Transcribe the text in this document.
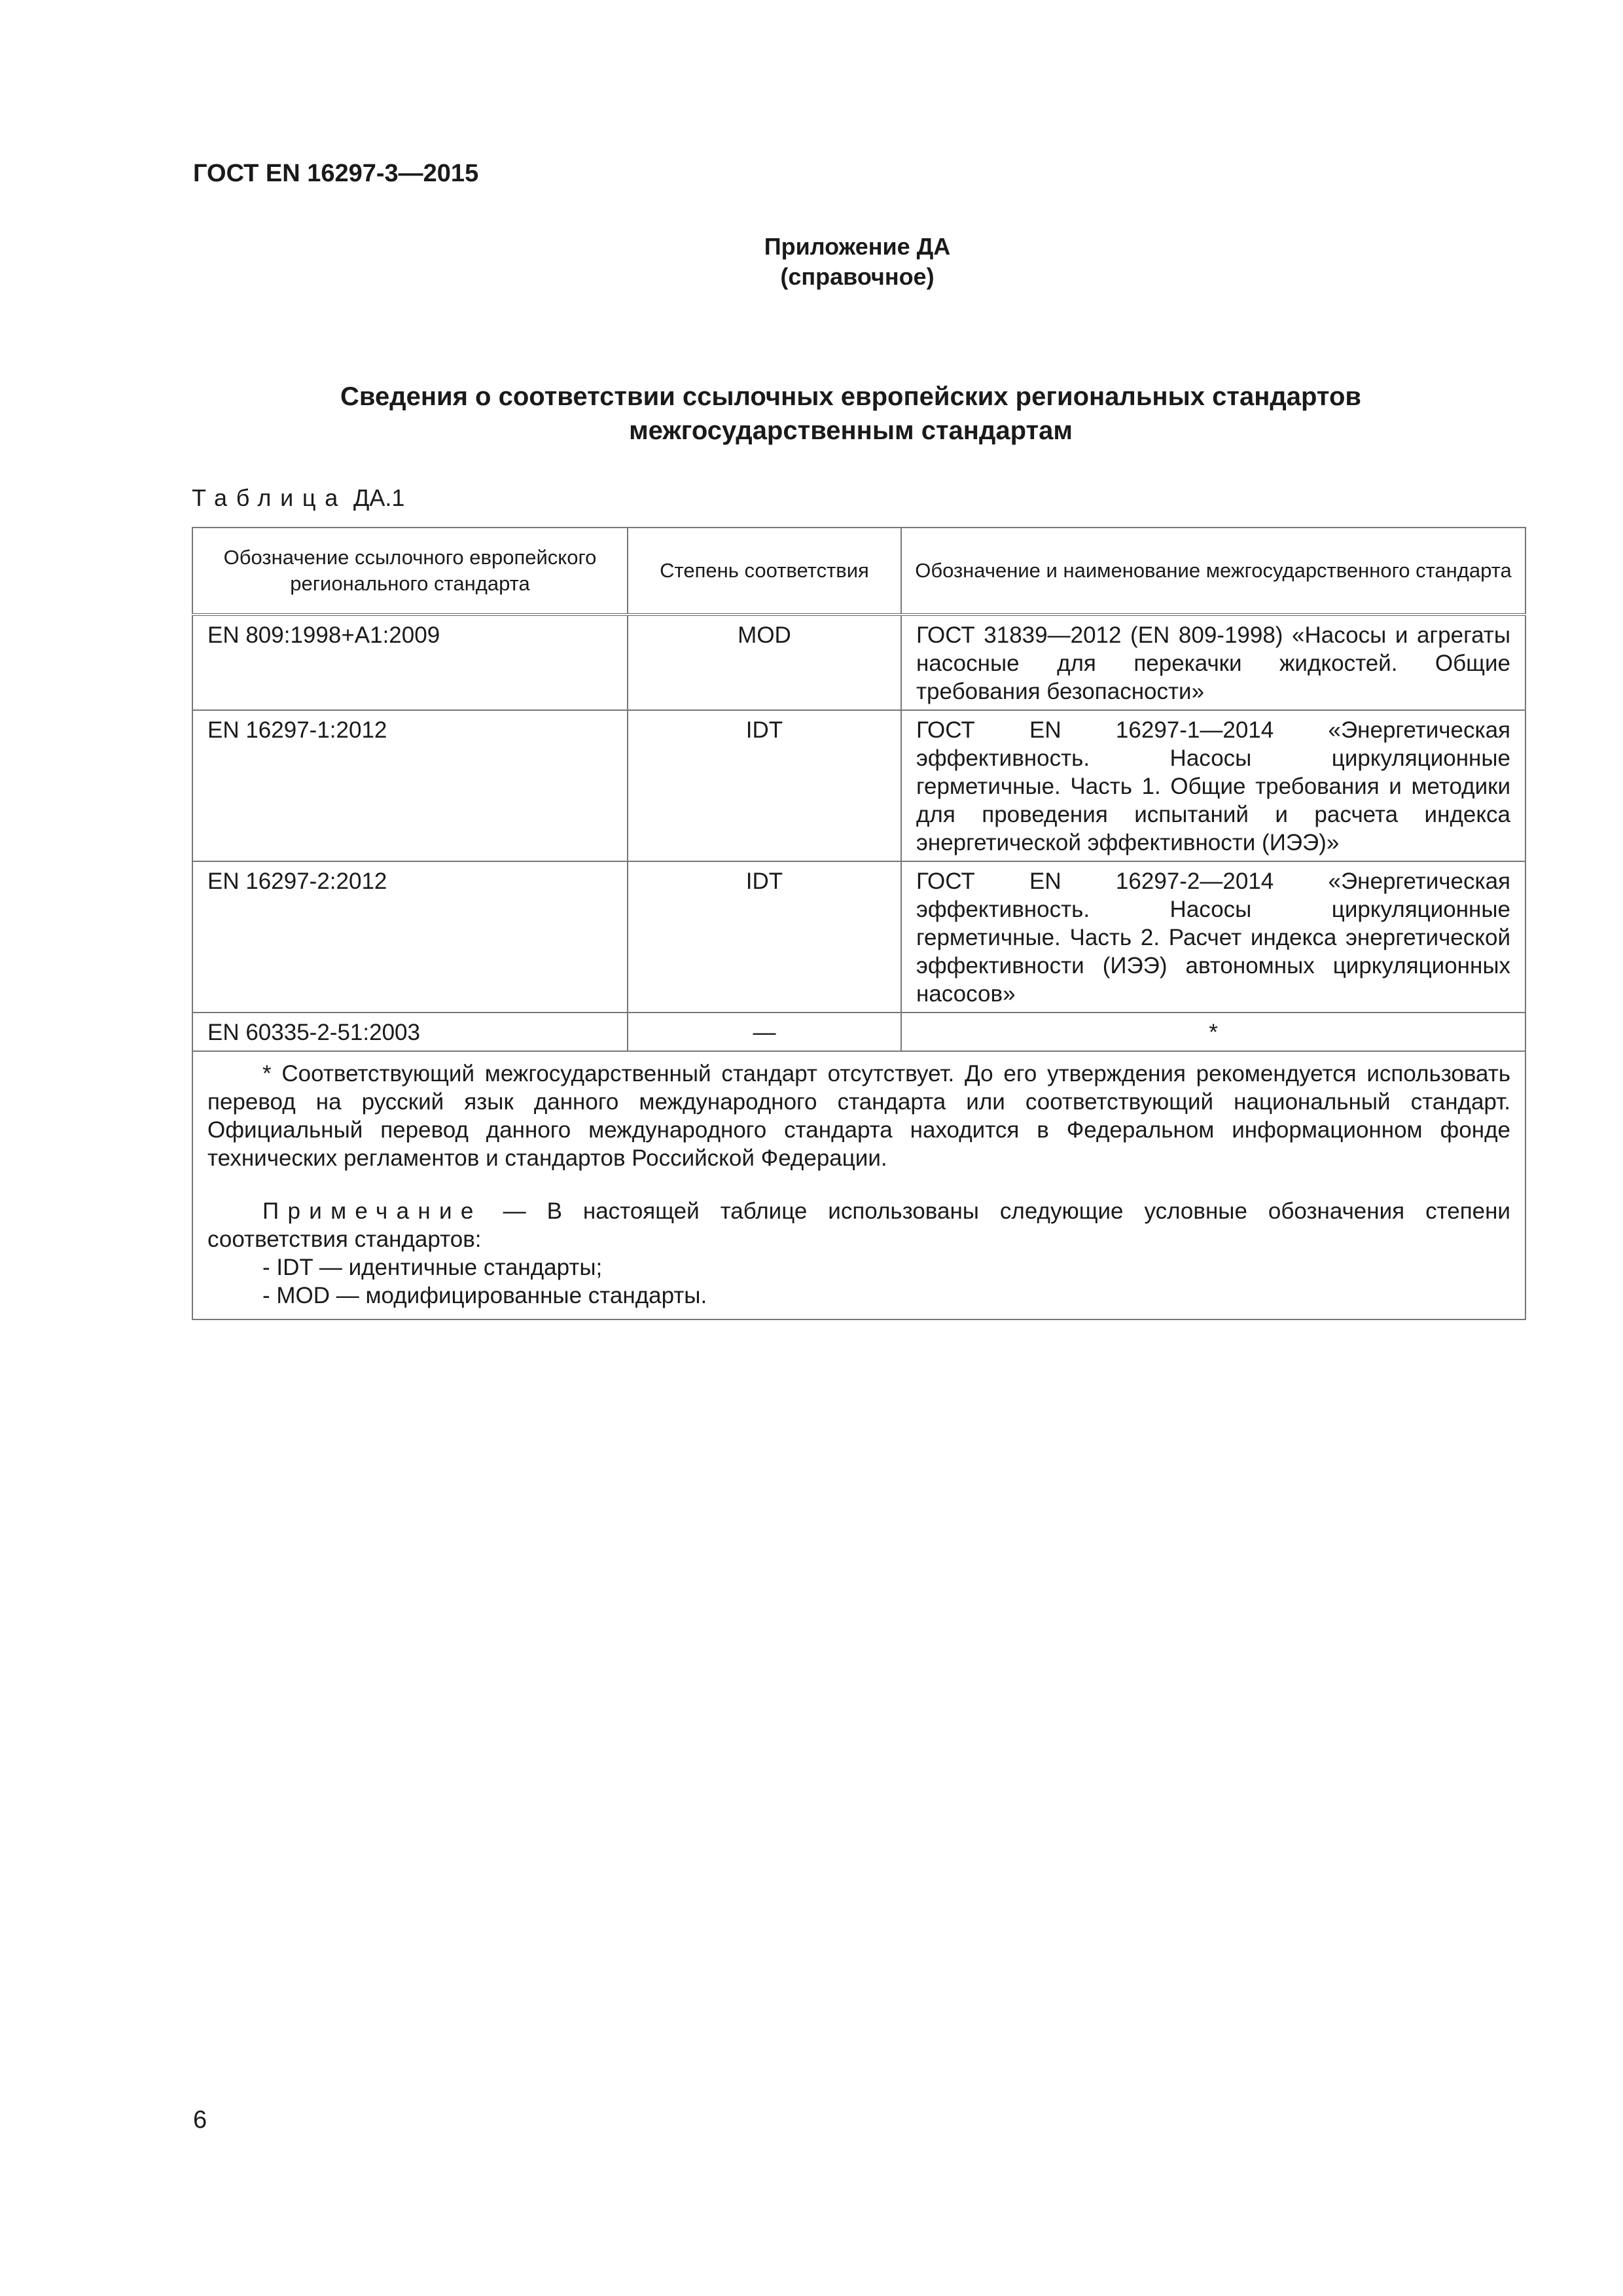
ГОСТ EN 16297-3—2015
Приложение ДА
(справочное)
Сведения о соответствии ссылочных европейских региональных стандартов
межгосударственным стандартам
Таблица ДА.1
Обозначение ссылочного европейского регионального стандарта	Степень соответствия	Обозначение и наименование межгосударственного стандарта
EN 809:1998+A1:2009	MOD	ГОСТ 31839—2012 (EN 809-1998) «Насосы и агрегаты насосные для перекачки жидкостей. Общие требования безопасности»
EN 16297-1:2012	IDT	ГОСТ EN 16297-1—2014 «Энергетическая эффективность. Насосы циркуляционные герметичные. Часть 1. Общие требования и методики для проведения испытаний и расчета индекса энергетической эффективности (ИЭЭ)»
EN 16297-2:2012	IDT	ГОСТ EN 16297-2—2014 «Энергетическая эффективность. Насосы циркуляционные герметичные. Часть 2. Расчет индекса энергетической эффективности (ИЭЭ) автономных циркуляционных насосов»
EN 60335-2-51:2003	—	*

* Соответствующий межгосударственный стандарт отсутствует. До его утверждения рекомендуется использовать перевод на русский язык данного международного стандарта или соответствующий национальный стандарт. Официальный перевод данного международного стандарта находится в Федеральном информационном фонде технических регламентов и стандартов Российской Федерации.

Примечание — В настоящей таблице использованы следующие условные обозначения степени соответствия стандартов:

- IDT — идентичные стандарты;
- MOD — модифицированные стандарты.		
6
